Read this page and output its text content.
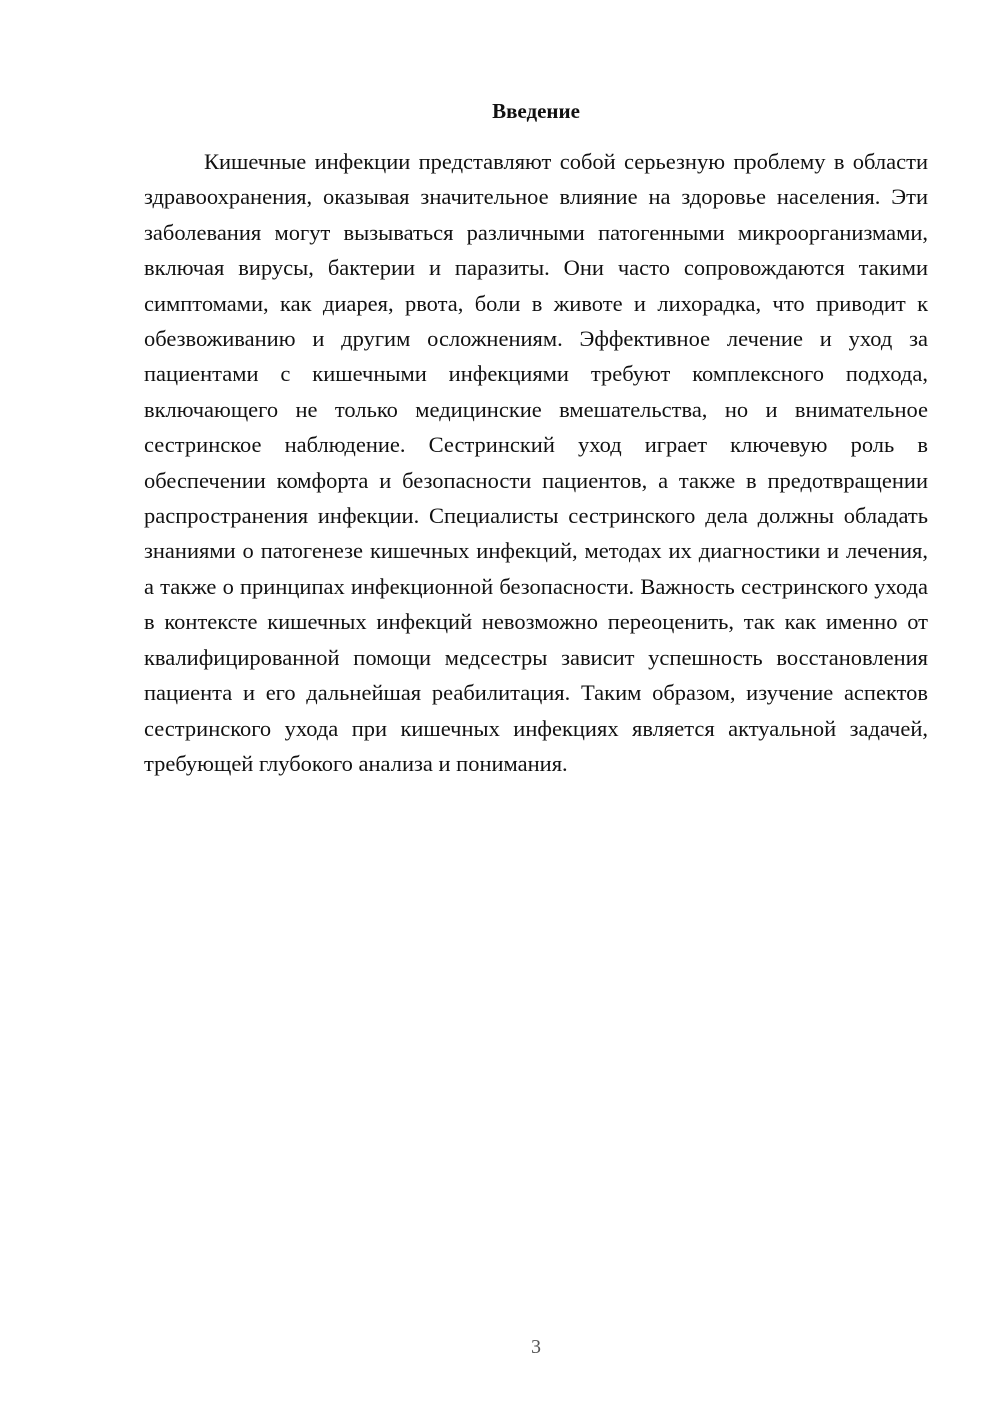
Введение

Кишечные инфекции представляют собой серьезную проблему в области здравоохранения, оказывая значительное влияние на здоровье населения. Эти заболевания могут вызываться различными патогенными микроорганизмами, включая вирусы, бактерии и паразиты. Они часто сопровождаются такими симптомами, как диарея, рвота, боли в животе и лихорадка, что приводит к обезвоживанию и другим осложнениям. Эффективное лечение и уход за пациентами с кишечными инфекциями требуют комплексного подхода, включающего не только медицинские вмешательства, но и внимательное сестринское наблюдение. Сестринский уход играет ключевую роль в обеспечении комфорта и безопасности пациентов, а также в предотвращении распространения инфекции. Специалисты сестринского дела должны обладать знаниями о патогенезе кишечных инфекций, методах их диагностики и лечения, а также о принципах инфекционной безопасности. Важность сестринского ухода в контексте кишечных инфекций невозможно переоценить, так как именно от квалифицированной помощи медсестры зависит успешность восстановления пациента и его дальнейшая реабилитация. Таким образом, изучение аспектов сестринского ухода при кишечных инфекциях является актуальной задачей, требующей глубокого анализа и понимания.

3
